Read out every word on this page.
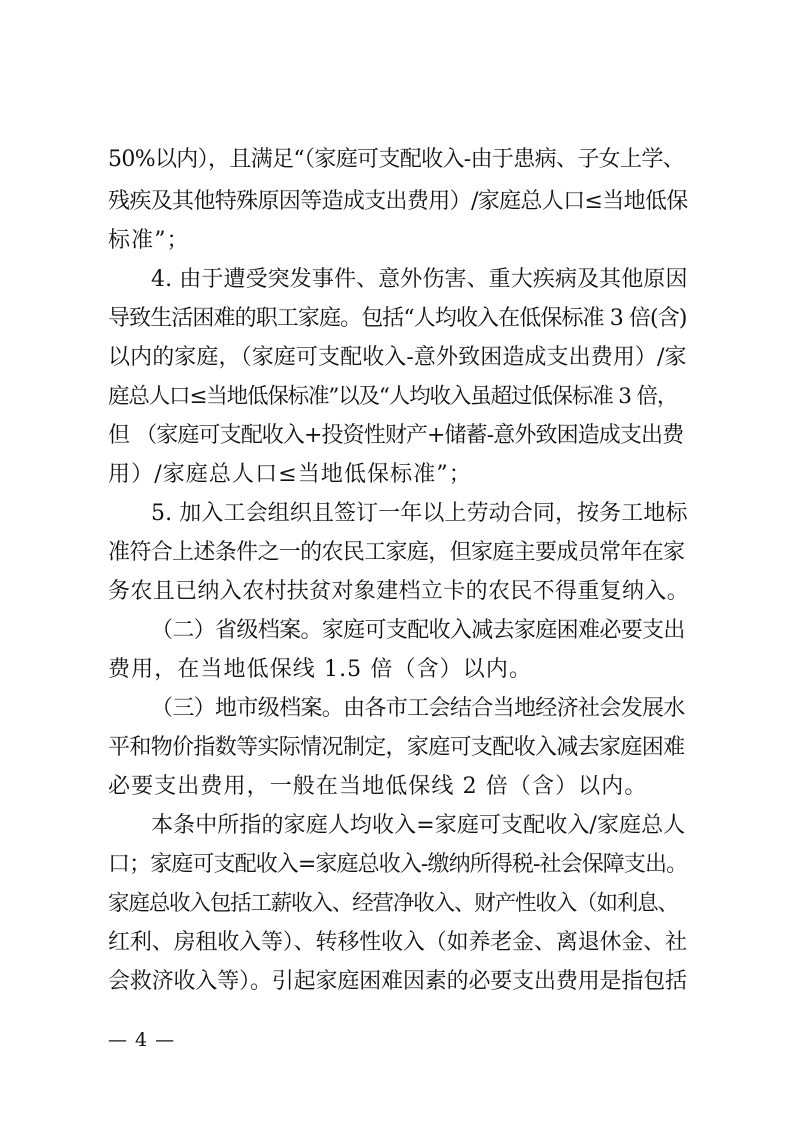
50%以内），且满足“（家庭可支配收入-由于患病、子女上学、
残疾及其他特殊原因等造成支出费用）/家庭总人口≤当地低保
标准”；
4. 由于遭受突发事件、意外伤害、重大疾病及其他原因
导致生活困难的职工家庭。包括“人均收入在低保标准 3 倍(含)
以内的家庭，（家庭可支配收入-意外致困造成支出费用）/家
庭总人口≤当地低保标准”以及“人均收入虽超过低保标准 3 倍，
但 （家庭可支配收入+投资性财产+储蓄-意外致困造成支出费
用）/家庭总人口≤当地低保标准”；
5. 加入工会组织且签订一年以上劳动合同，按务工地标
准符合上述条件之一的农民工家庭，但家庭主要成员常年在家
务农且已纳入农村扶贫对象建档立卡的农民不得重复纳入。
（二）省级档案。家庭可支配收入减去家庭困难必要支出
费用，在当地低保线 1.5 倍（含）以内。
（三）地市级档案。由各市工会结合当地经济社会发展水
平和物价指数等实际情况制定，家庭可支配收入减去家庭困难
必要支出费用，一般在当地低保线 2 倍（含）以内。
本条中所指的家庭人均收入=家庭可支配收入/家庭总人
口；家庭可支配收入=家庭总收入-缴纳所得税-社会保障支出。
家庭总收入包括工薪收入、经营净收入、财产性收入（如利息、
红利、房租收入等）、转移性收入（如养老金、离退休金、社
会救济收入等）。引起家庭困难因素的必要支出费用是指包括
— 4 —
